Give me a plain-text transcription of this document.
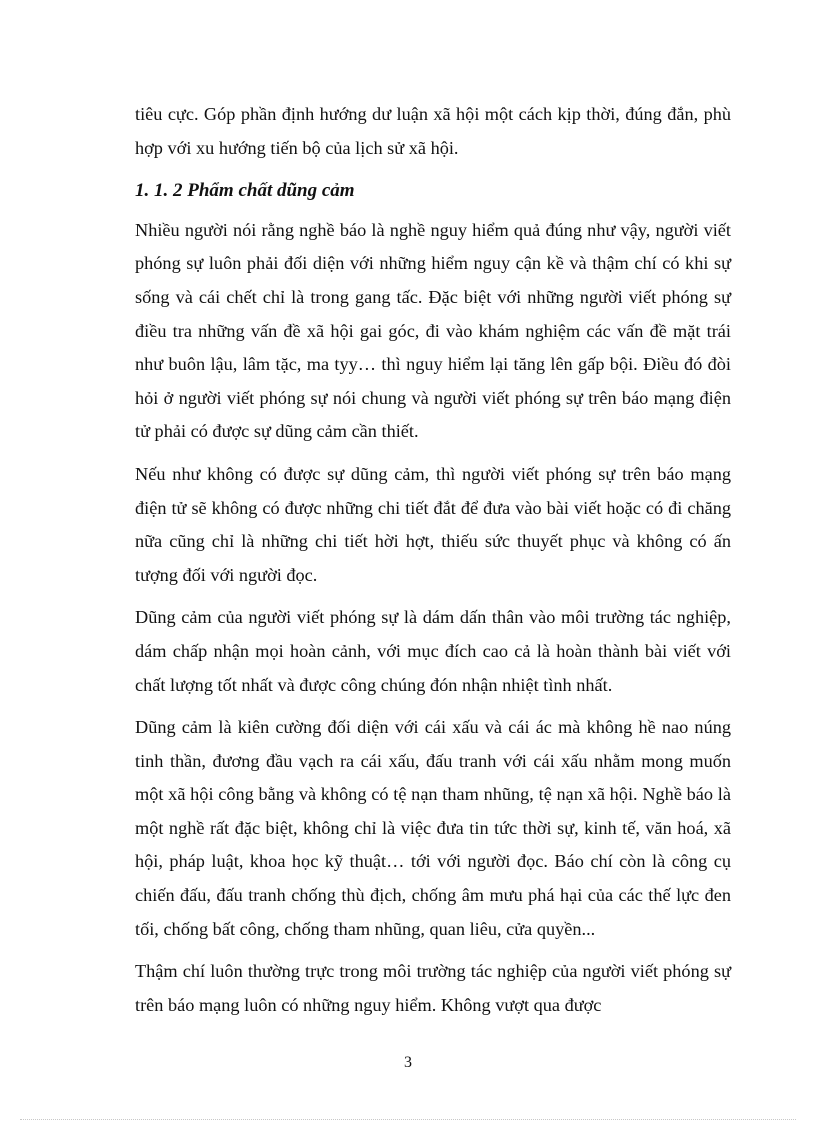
tiêu cực. Góp phần định hướng dư luận xã hội một cách kịp thời, đúng đắn, phù hợp với xu hướng tiến bộ của lịch sử xã hội.

1. 1. 2 Phẩm chất dũng cảm

Nhiều người nói rằng nghề báo là nghề nguy hiểm quả đúng như vậy, người viết phóng sự luôn phải đối diện với những hiểm nguy cận kề và thậm chí có khi sự sống và cái chết chỉ là trong gang tấc. Đặc biệt với những người viết phóng sự điều tra những vấn đề xã hội gai góc, đi vào khám nghiệm các vấn đề mặt trái như buôn lậu, lâm tặc, ma tyy… thì nguy hiểm lại tăng lên gấp bội. Điều đó đòi hỏi ở người viết phóng sự nói chung và người viết phóng sự trên báo mạng điện tử phải có được sự dũng cảm cần thiết.

Nếu như không có được sự dũng cảm, thì người viết phóng sự trên báo mạng điện tử sẽ không có được những chi tiết đắt để đưa vào bài viết hoặc có đi chăng nữa cũng chỉ là những chi tiết hời hợt, thiếu sức thuyết phục và không có ấn tượng đối với người đọc.

Dũng cảm của người viết phóng sự là dám dấn thân vào môi trường tác nghiệp, dám chấp nhận mọi hoàn cảnh, với mục đích cao cả là hoàn thành bài viết với chất lượng tốt nhất và được công chúng đón nhận nhiệt tình nhất.

Dũng cảm là kiên cường đối diện với cái xấu và cái ác mà không hề nao núng tinh thần, đương đầu vạch ra cái xấu, đấu tranh với cái xấu nhằm mong muốn một xã hội công bằng và không có tệ nạn tham nhũng, tệ nạn xã hội. Nghề báo là một nghề rất đặc biệt, không chỉ là việc đưa tin tức thời sự, kinh tế, văn hoá, xã hội, pháp luật, khoa học kỹ thuật… tới với người đọc. Báo chí còn là công cụ chiến đấu, đấu tranh chống thù địch, chống âm mưu phá hại của các thế lực đen tối, chống bất công, chống tham nhũng, quan liêu, cửa quyền...

Thậm chí luôn thường trực trong môi trường tác nghiệp của người viết phóng sự trên báo mạng luôn có những nguy hiểm. Không vượt qua được

3
